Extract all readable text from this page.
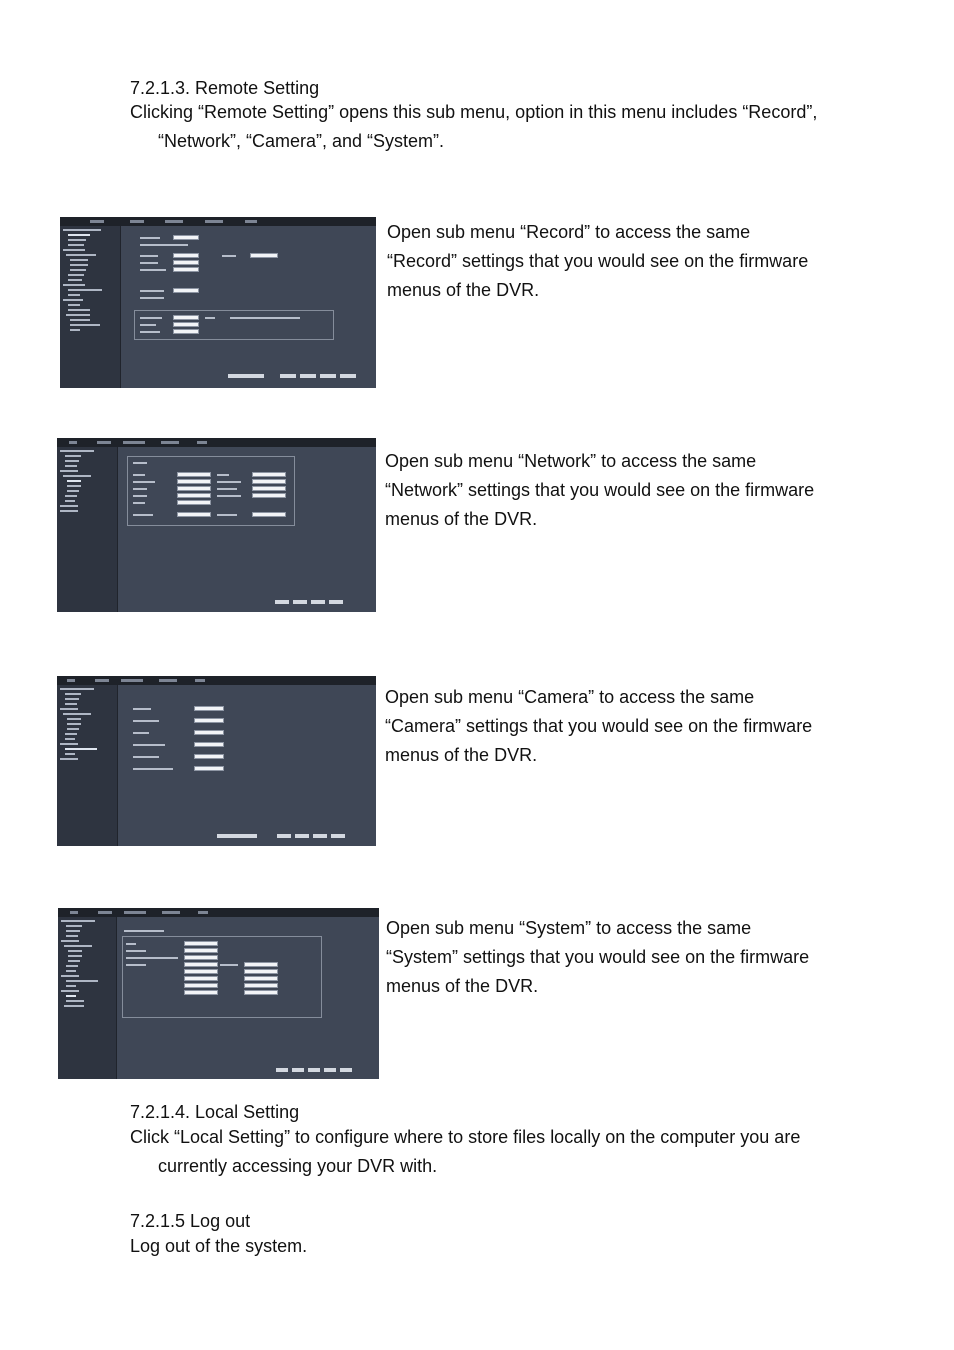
7.2.1.3. Remote Setting
Clicking “Remote Setting” opens this sub menu, option in this menu includes “Record”,
“Network”, “Camera”, and “System”.
Open sub menu “Record” to access the same
“Record” settings that you would see on the firmware
menus of the DVR.
Open sub menu “Network” to access the same
“Network” settings that you would see on the firmware
menus of the DVR.
Open sub menu “Camera” to access the same
“Camera” settings that you would see on the firmware
menus of the DVR.
Open sub menu “System” to access the same
“System” settings that you would see on the firmware
menus of the DVR.
7.2.1.4. Local Setting
Click “Local Setting” to configure where to store files locally on the computer you are
currently accessing your DVR with.
7.2.1.5 Log out
Log out of the system.
